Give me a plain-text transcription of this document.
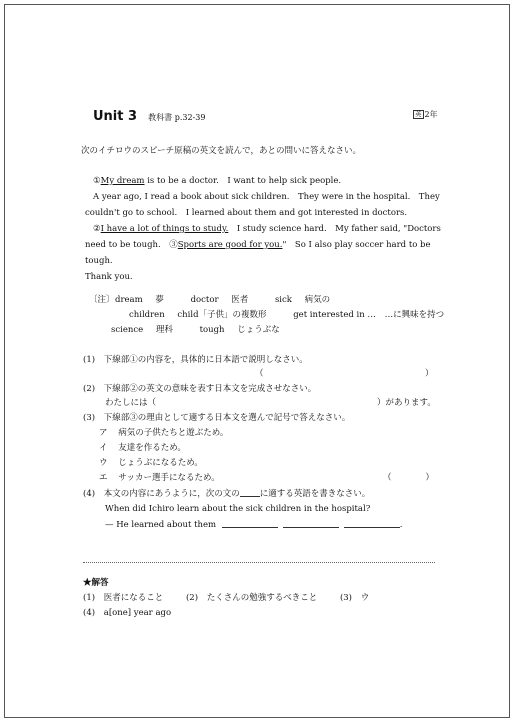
Unit 3 教科書 p.32-39	英 2年
次のイチロウのスピーチ原稿の英文を読んで，あとの問いに答えなさい。
①My dream is to be a doctor.　I want to help sick people.
A year ago, I read a book about sick children.　They were in the hospital.　They
couldn't go to school.　I learned about them and got interested in doctors.
②I have a lot of things to study.　I study science hard.　My father said, "Doctors
need to be tough.　③Sports are good for you."　So I also play soccer hard to be
tough.
Thank you.
〔注〕 dream 夢	doctor 医者	sick 病気の
children child「子供」の複数形	get interested in … …に興味を持つ
science 理科	tough じょうぶな
(1) 下線部①の内容を，具体的に日本語で説明しなさい。
（	）
(2) 下線部②の英文の意味を表す日本文を完成させなさい。
わたしには（	）があります。
(3) 下線部③の理由として適する日本文を選んで記号で答えなさい。
ア 病気の子供たちと遊ぶため。
イ 友達を作るため。
ウ じょうぶになるため。
エ サッカー選手になるため。	（　　　　）
(4) 本文の内容にあうように，次の文の に適する英語を書きなさい。
When did Ichiro learn about the sick children in the hospital?
— He learned about them	.
★解答
(1) 医者になること	(2) たくさんの勉強するべきこと	(3) ウ
(4) a[one] year ago
